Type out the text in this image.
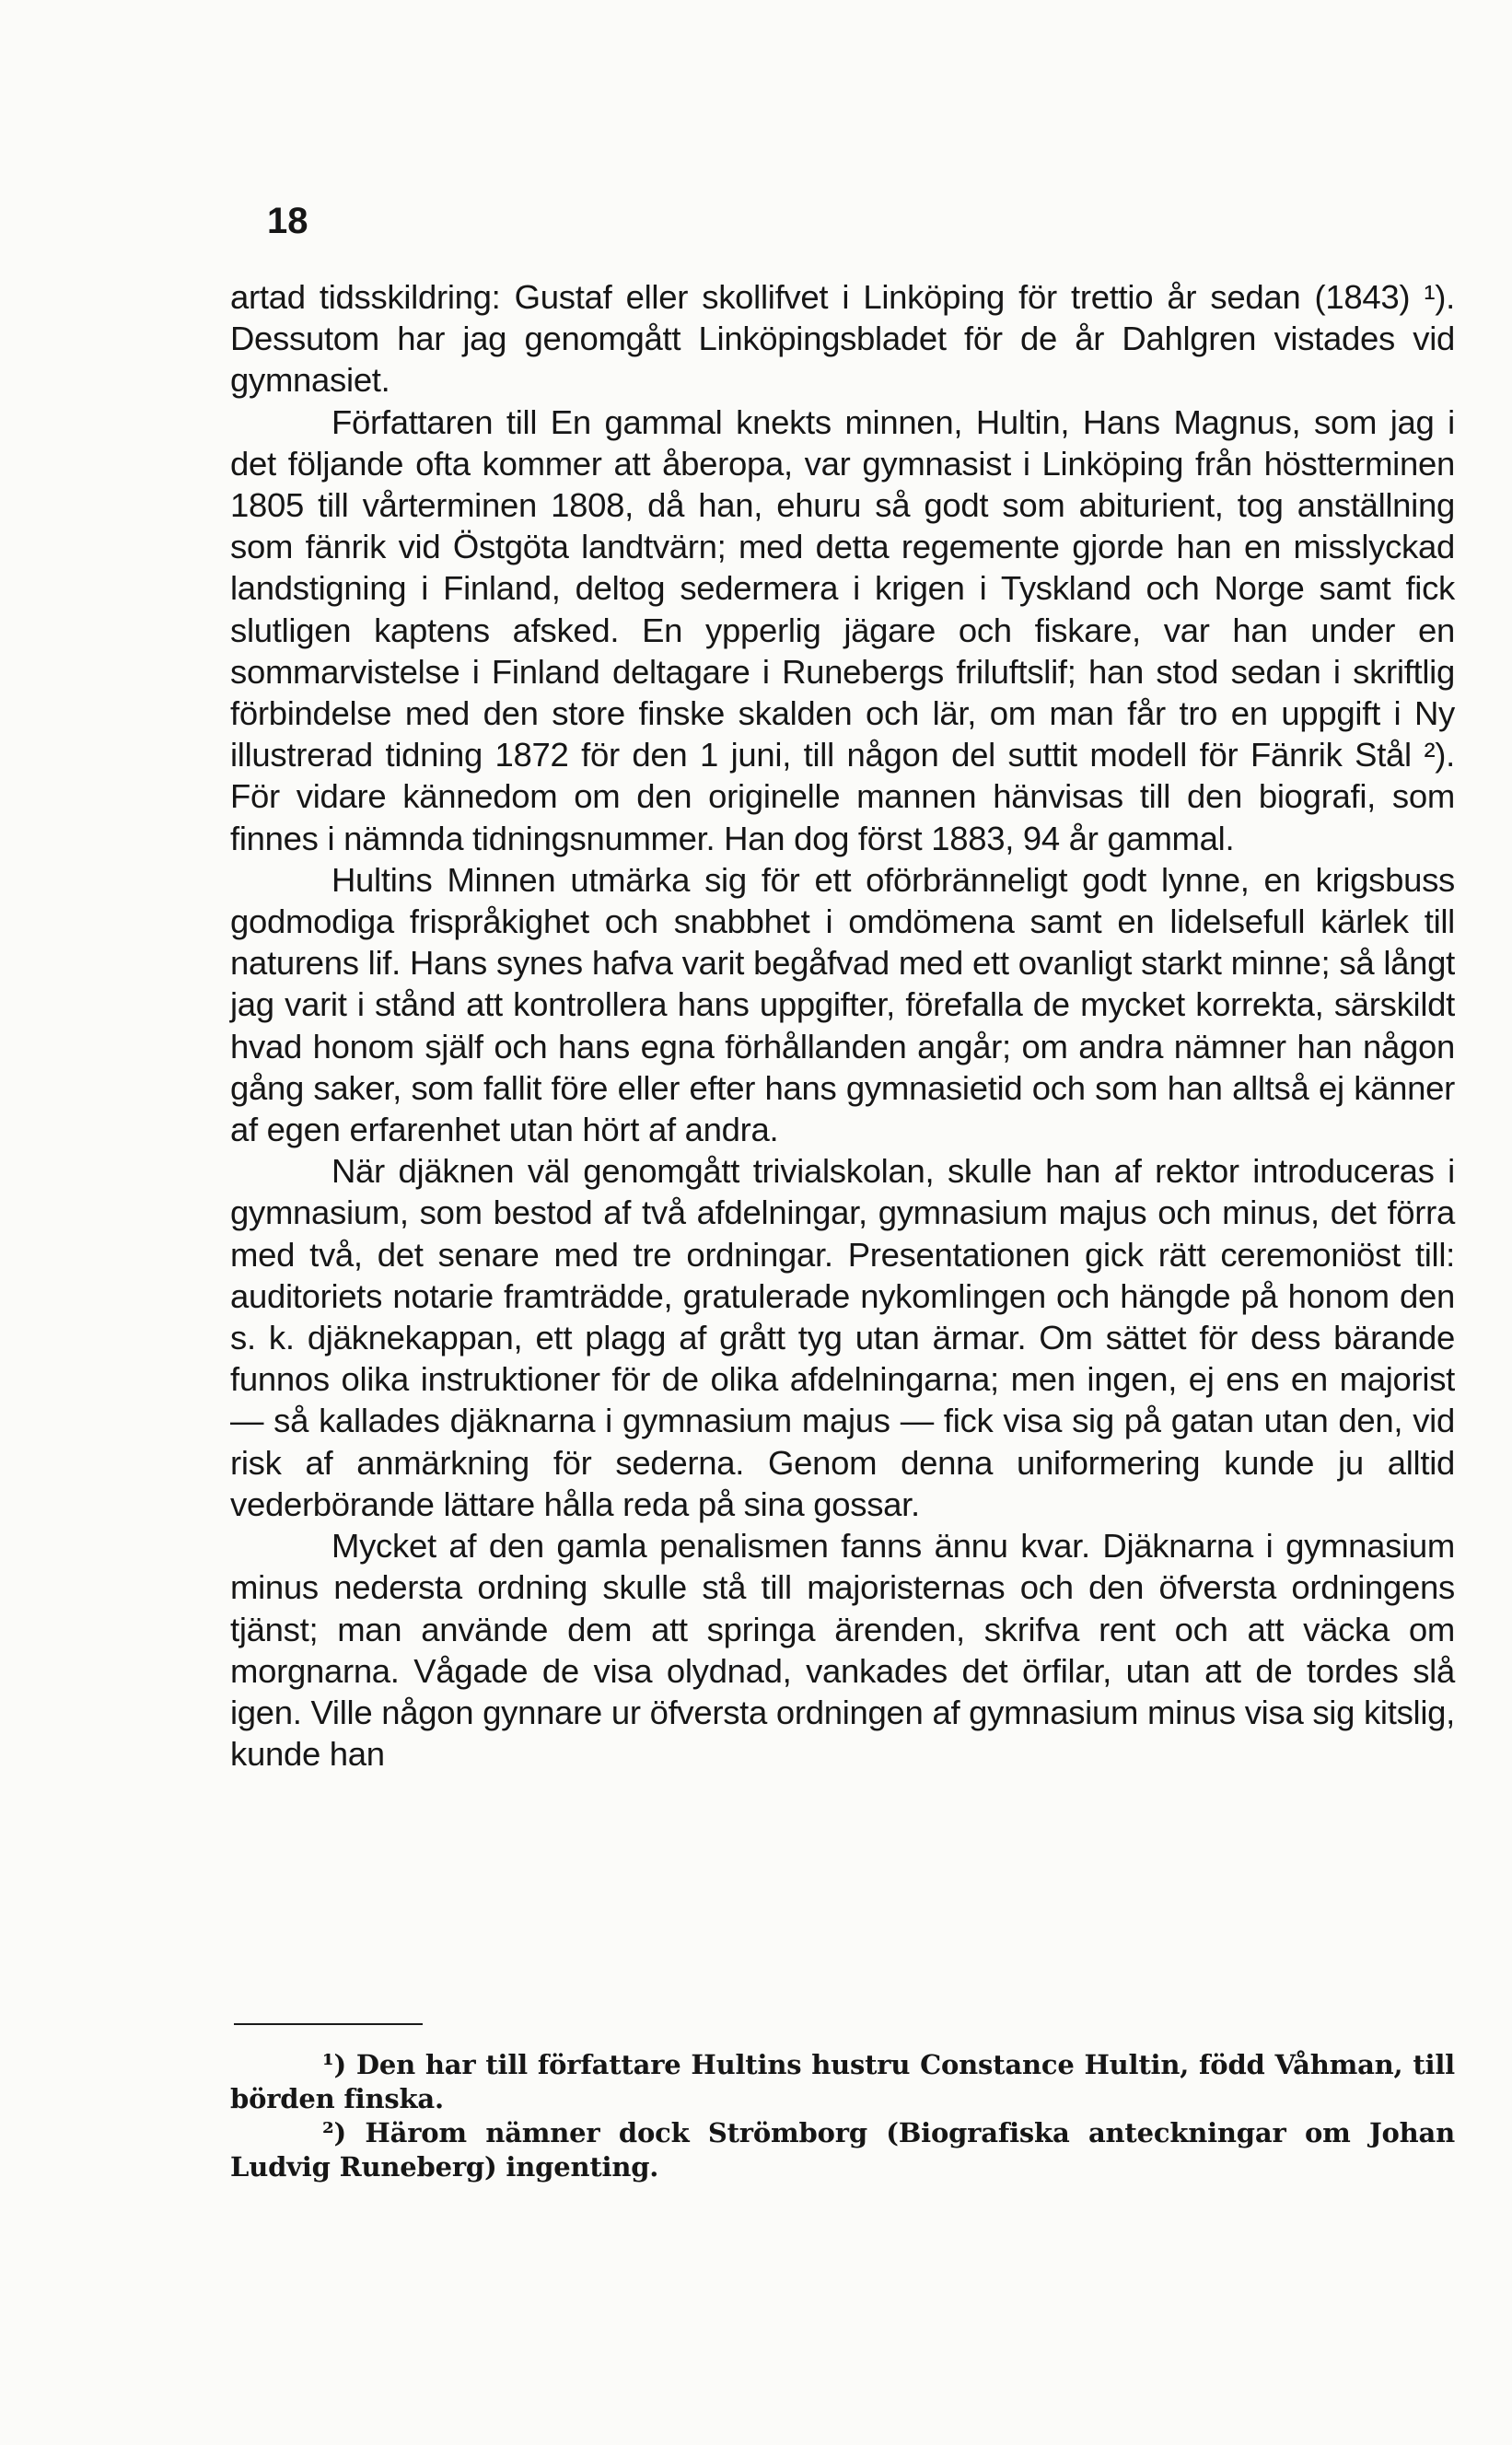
18

artad tidsskildring: Gustaf eller skollifvet i Linköping för trettio år sedan (1843) ¹). Dessutom har jag genomgått Linköpingsbladet för de år Dahlgren vistades vid gymnasiet.

Författaren till En gammal knekts minnen, Hultin, Hans Magnus, som jag i det följande ofta kommer att åberopa, var gymnasist i Linköping från höstterminen 1805 till vårterminen 1808, då han, ehuru så godt som abiturient, tog anställning som fänrik vid Östgöta landtvärn; med detta regemente gjorde han en misslyckad landstigning i Finland, deltog sedermera i krigen i Tyskland och Norge samt fick slutligen kaptens afsked. En ypperlig jägare och fiskare, var han under en sommarvistelse i Finland deltagare i Runebergs friluftslif; han stod sedan i skriftlig förbindelse med den store finske skalden och lär, om man får tro en uppgift i Ny illustrerad tidning 1872 för den 1 juni, till någon del suttit modell för Fänrik Stål ²). För vidare kännedom om den originelle mannen hänvisas till den biografi, som finnes i nämnda tidningsnummer. Han dog först 1883, 94 år gammal.

Hultins Minnen utmärka sig för ett oförbränneligt godt lynne, en krigsbuss godmodiga frispråkighet och snabbhet i omdömena samt en lidelsefull kärlek till naturens lif. Hans synes hafva varit begåfvad med ett ovanligt starkt minne; så långt jag varit i stånd att kontrollera hans uppgifter, förefalla de mycket korrekta, särskildt hvad honom själf och hans egna förhållanden angår; om andra nämner han någon gång saker, som fallit före eller efter hans gymnasietid och som han alltså ej känner af egen erfarenhet utan hört af andra.

När djäknen väl genomgått trivialskolan, skulle han af rektor introduceras i gymnasium, som bestod af två afdelningar, gymnasium majus och minus, det förra med två, det senare med tre ordningar. Presentationen gick rätt ceremoniöst till: auditoriets notarie framträdde, gratulerade nykomlingen och hängde på honom den s. k. djäknekappan, ett plagg af grått tyg utan ärmar. Om sättet för dess bärande funnos olika instruktioner för de olika afdelningarna; men ingen, ej ens en majorist — så kallades djäknarna i gymnasium majus — fick visa sig på gatan utan den, vid risk af anmärkning för sederna. Genom denna uniformering kunde ju alltid vederbörande lättare hålla reda på sina gossar.

Mycket af den gamla penalismen fanns ännu kvar. Djäknarna i gymnasium minus nedersta ordning skulle stå till majoristernas och den öfversta ordningens tjänst; man använde dem att springa ärenden, skrifva rent och att väcka om morgnarna. Vågade de visa olydnad, vankades det örfilar, utan att de tordes slå igen. Ville någon gynnare ur öfversta ordningen af gymnasium minus visa sig kitslig, kunde han

¹) Den har till författare Hultins hustru Constance Hultin, född Våhman, till börden finska.

²) Härom nämner dock Strömborg (Biografiska anteckningar om Johan Ludvig Runeberg) ingenting.
